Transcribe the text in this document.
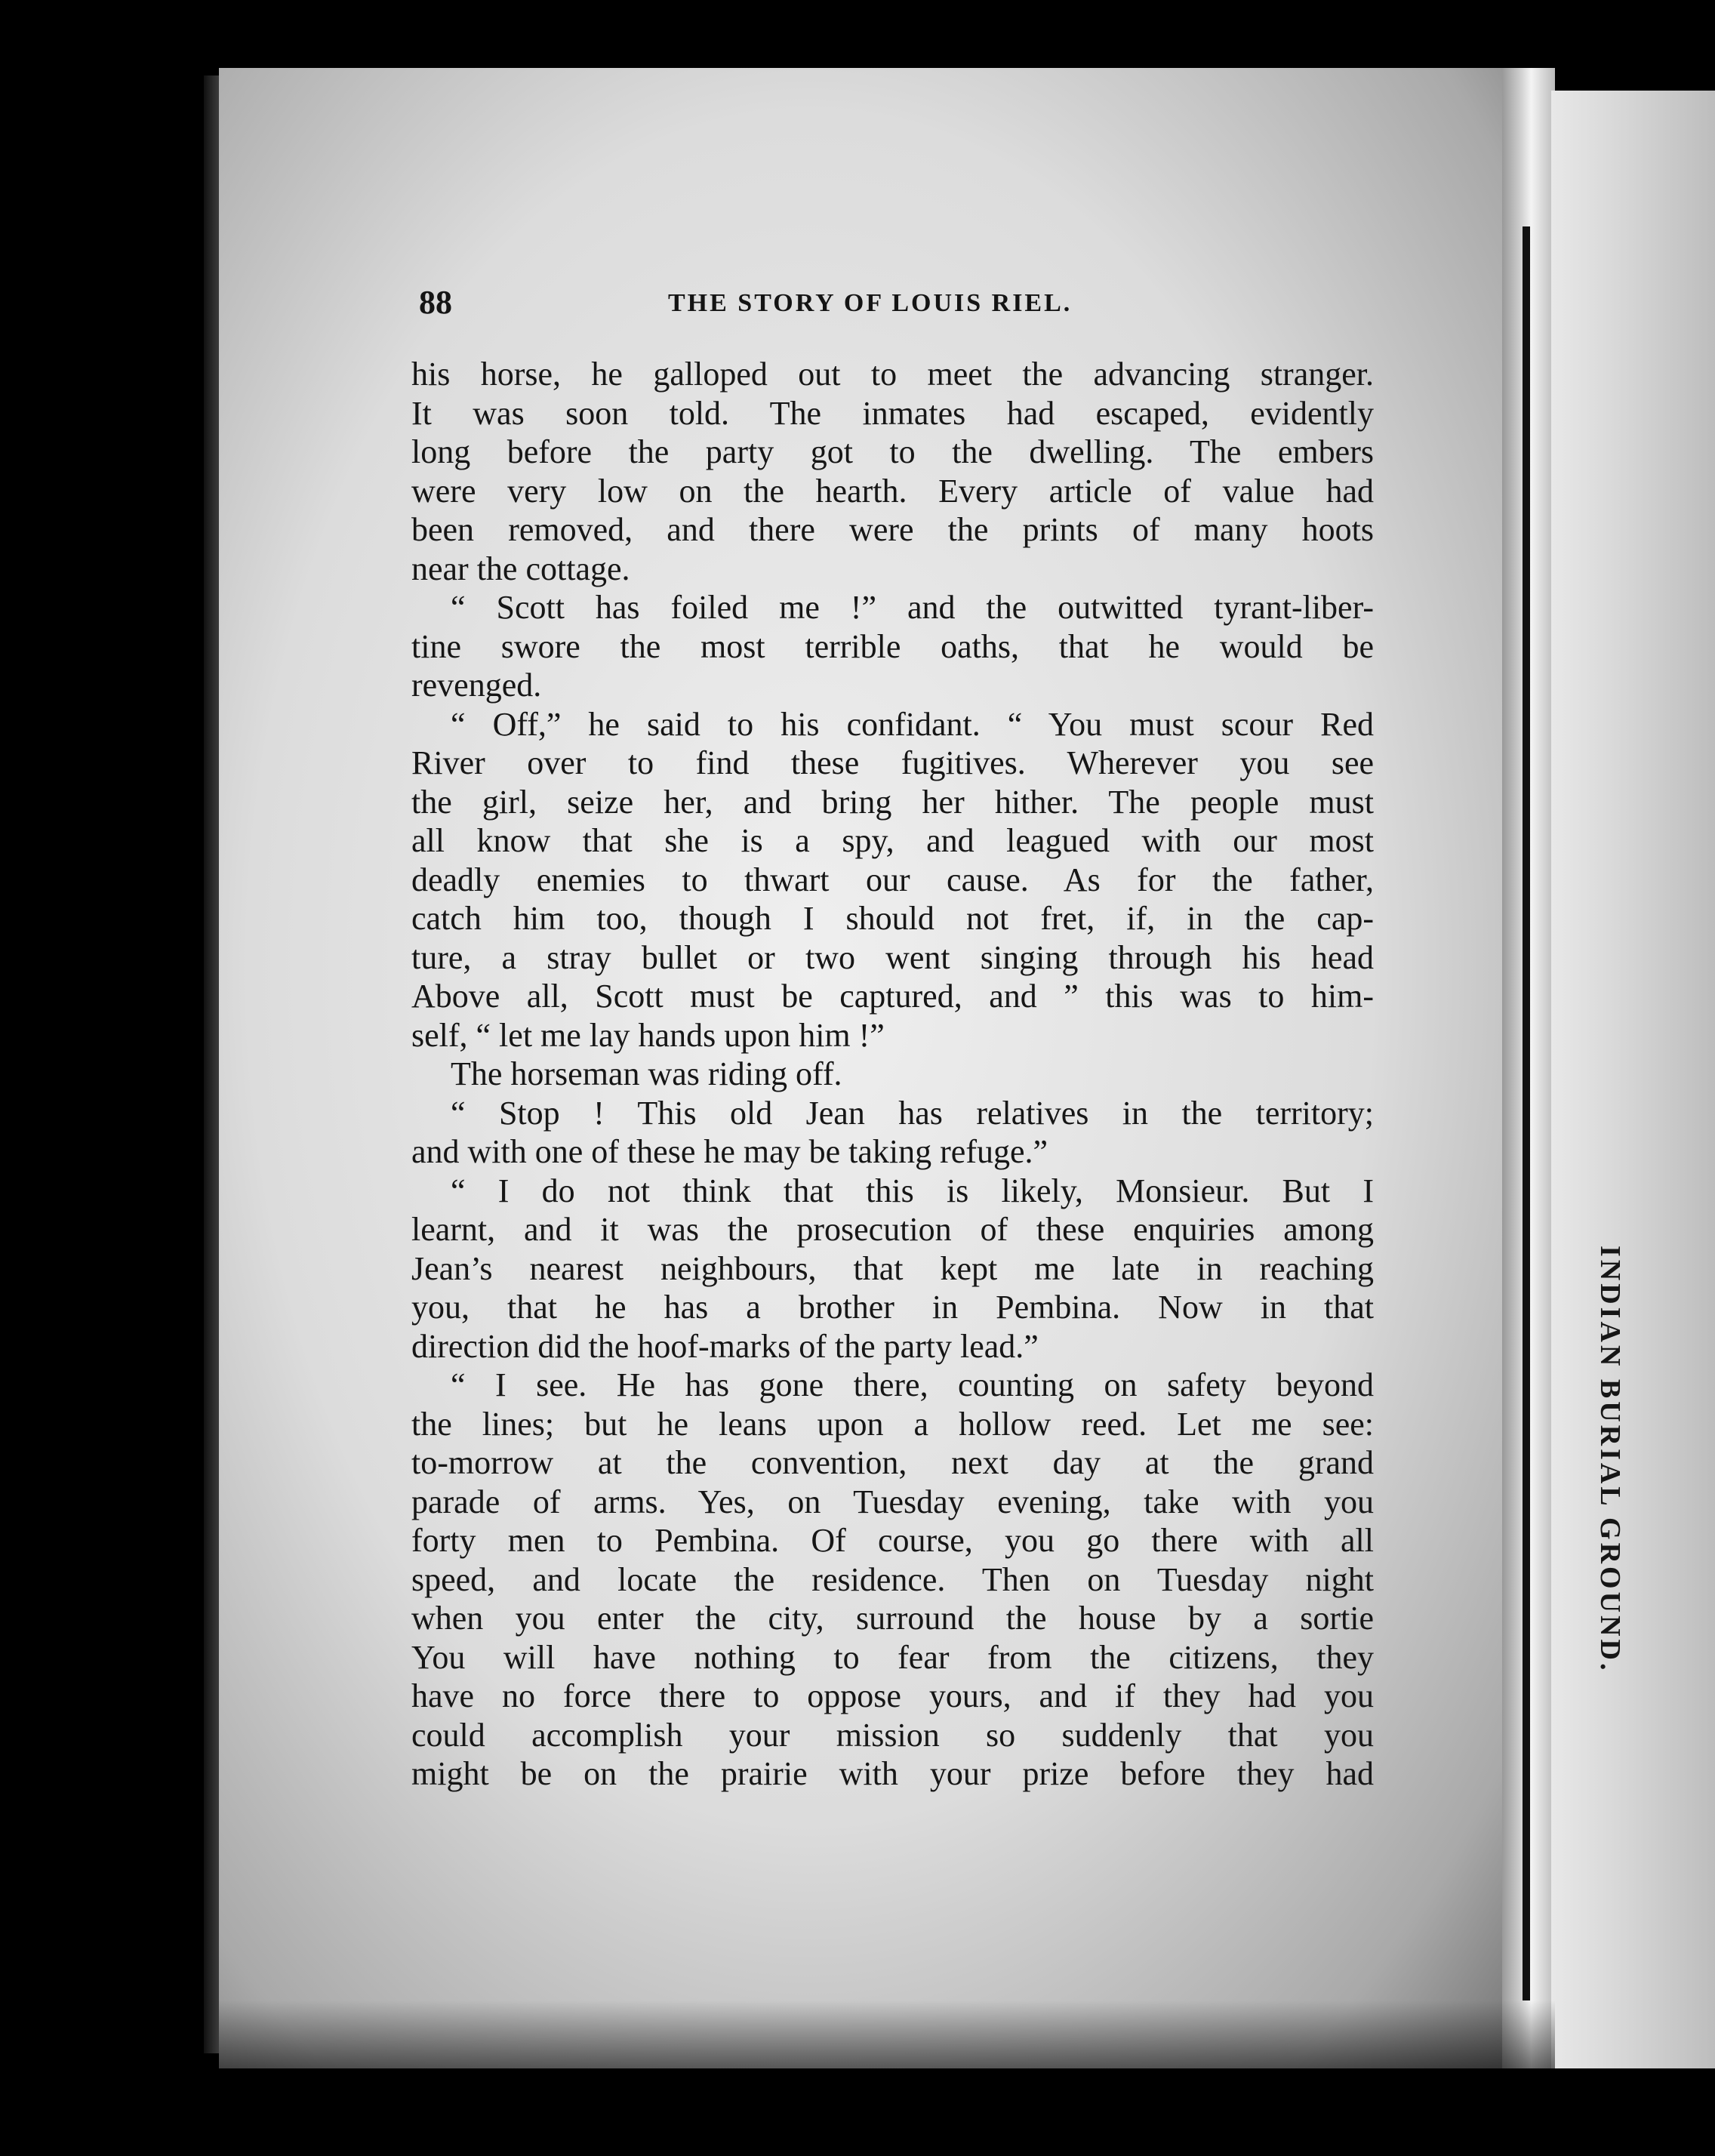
88	THE STORY OF LOUIS RIEL.
INDIAN BURIAL GROUND.
his horse, he galloped out to meet the advancing stranger.
It was soon told. The inmates had escaped, evidently
long before the party got to the dwelling. The embers
were very low on the hearth. Every article of value had
been removed, and there were the prints of many hoots
near the cottage.
“ Scott has foiled me !” and the outwitted tyrant-liber-
tine swore the most terrible oaths, that he would be
revenged.
“ Off,” he said to his confidant. “ You must scour Red
River over to find these fugitives. Wherever you see
the girl, seize her, and bring her hither. The people must
all know that she is a spy, and leagued with our most
deadly enemies to thwart our cause. As for the father,
catch him too, though I should not fret, if, in the cap-
ture, a stray bullet or two went singing through his head
Above all, Scott must be captured, and ” this was to him-
self, “ let me lay hands upon him !”
The horseman was riding off.
“ Stop ! This old Jean has relatives in the territory;
and with one of these he may be taking refuge.”
“ I do not think that this is likely, Monsieur. But I
learnt, and it was the prosecution of these enquiries among
Jean’s nearest neighbours, that kept me late in reaching
you, that he has a brother in Pembina. Now in that
direction did the hoof-marks of the party lead.”
“ I see. He has gone there, counting on safety beyond
the lines; but he leans upon a hollow reed. Let me see:
to-morrow at the convention, next day at the grand
parade of arms. Yes, on Tuesday evening, take with you
forty men to Pembina. Of course, you go there with all
speed, and locate the residence. Then on Tuesday night
when you enter the city, surround the house by a sortie
You will have nothing to fear from the citizens, they
have no force there to oppose yours, and if they had you
could accomplish your mission so suddenly that you
might be on the prairie with your prize before they had
